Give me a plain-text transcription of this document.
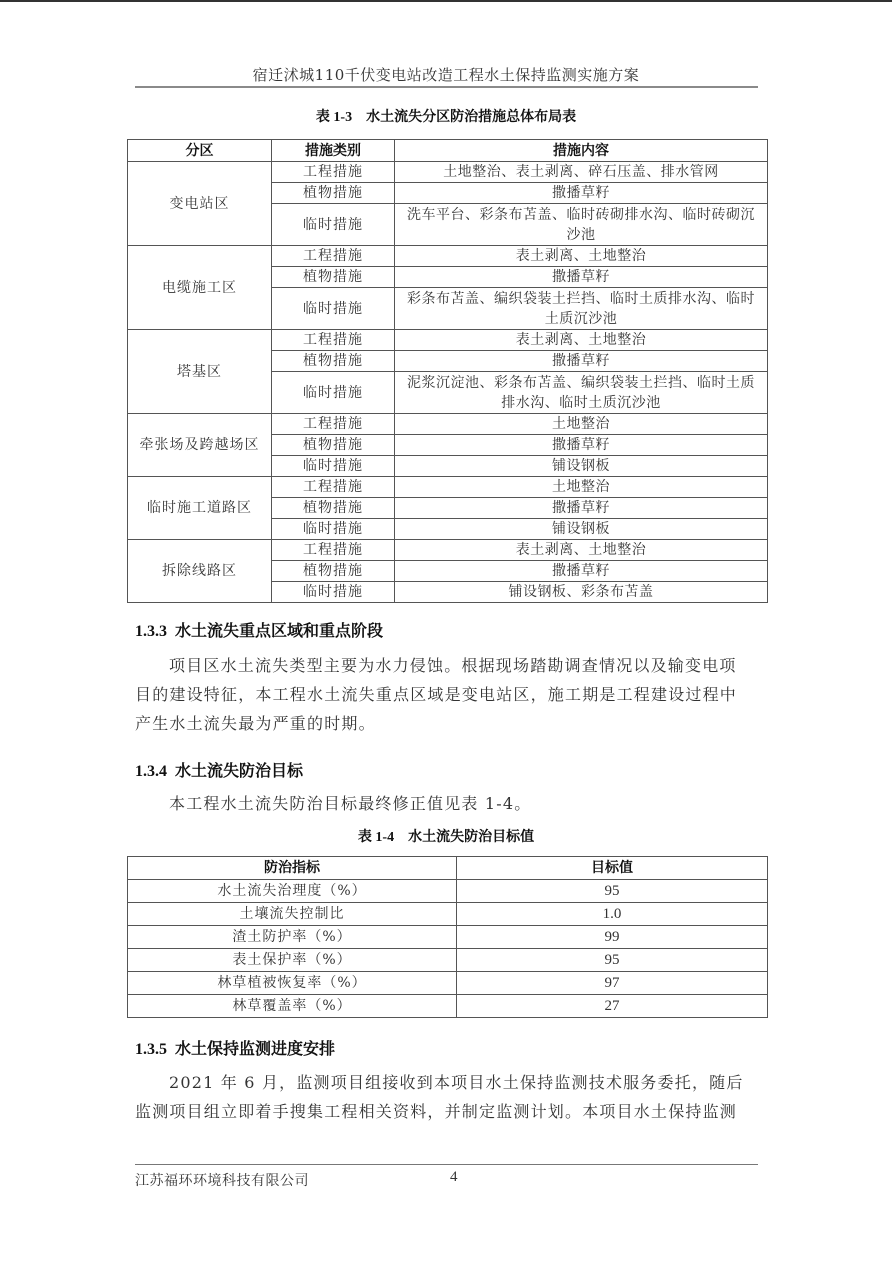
宿迁沭城110千伏变电站改造工程水土保持监测实施方案
表 1-3 水土流失分区防治措施总体布局表
分区	措施类别	措施内容
变电站区	工程措施	土地整治、表土剥离、碎石压盖、排水管网
	植物措施	撒播草籽
	临时措施	洗车平台、彩条布苫盖、临时砖砌排水沟、临时砖砌沉沙池
电缆施工区	工程措施	表土剥离、土地整治
	植物措施	撒播草籽
	临时措施	彩条布苫盖、编织袋装土拦挡、临时土质排水沟、临时土质沉沙池
塔基区	工程措施	表土剥离、土地整治
	植物措施	撒播草籽
	临时措施	泥浆沉淀池、彩条布苫盖、编织袋装土拦挡、临时土质排水沟、临时土质沉沙池
牵张场及跨越场区	工程措施	土地整治
	植物措施	撒播草籽
	临时措施	铺设钢板
临时施工道路区	工程措施	土地整治
	植物措施	撒播草籽
	临时措施	铺设钢板
拆除线路区	工程措施	表土剥离、土地整治
	植物措施	撒播草籽
	临时措施	铺设钢板、彩条布苫盖
1.3.3 水土流失重点区域和重点阶段
项目区水土流失类型主要为水力侵蚀。根据现场踏勘调查情况以及输变电项
目的建设特征，本工程水土流失重点区域是变电站区，施工期是工程建设过程中
产生水土流失最为严重的时期。
1.3.4 水土流失防治目标
本工程水土流失防治目标最终修正值见表 1-4。
表 1-4 水土流失防治目标值
防治指标	目标值
水土流失治理度（%）	95
土壤流失控制比	1.0
渣土防护率（%）	99
表土保护率（%）	95
林草植被恢复率（%）	97
林草覆盖率（%）	27
1.3.5 水土保持监测进度安排
2021 年 6 月，监测项目组接收到本项目水土保持监测技术服务委托，随后
监测项目组立即着手搜集工程相关资料，并制定监测计划。本项目水土保持监测
江苏福环环境科技有限公司	4
